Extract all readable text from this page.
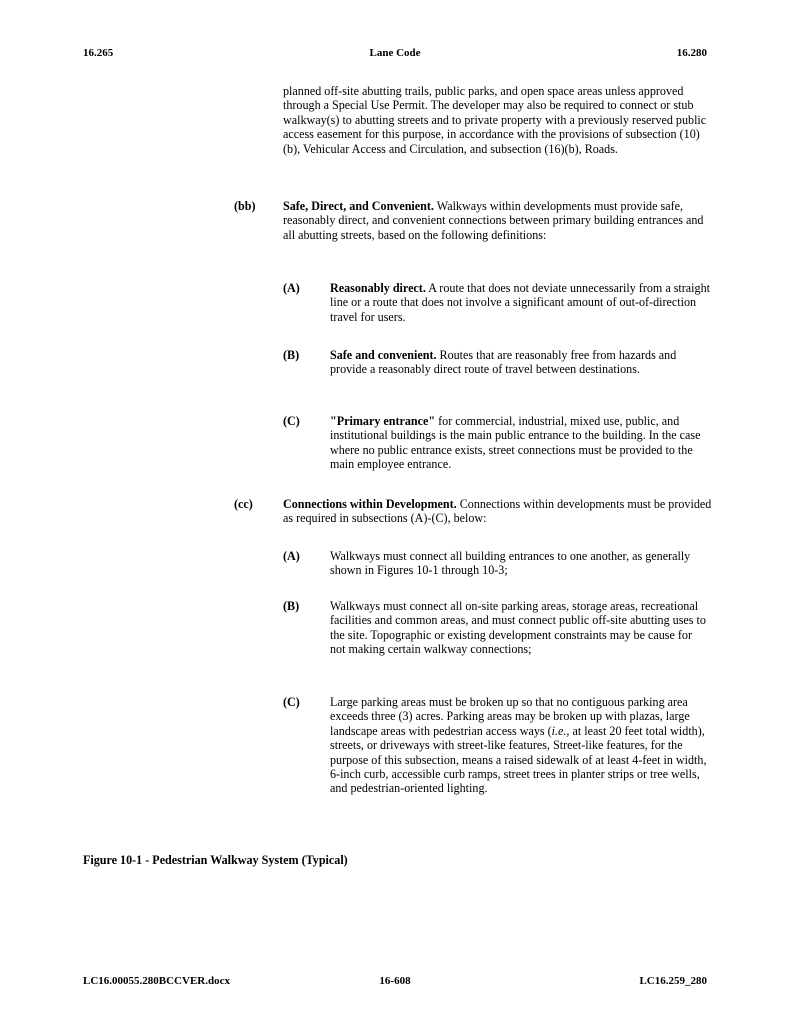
16.265	Lane Code	16.280

planned off-site abutting trails, public parks, and open space areas unless approved through a Special Use Permit. The developer may also be required to connect or stub walkway(s) to abutting streets and to private property with a previously reserved public access easement for this purpose, in accordance with the provisions of subsection (10)(b), Vehicular Access and Circulation, and subsection (16)(b), Roads.

(bb) Safe, Direct, and Convenient. Walkways within developments must provide safe, reasonably direct, and convenient connections between primary building entrances and all abutting streets, based on the following definitions:

(A) Reasonably direct. A route that does not deviate unnecessarily from a straight line or a route that does not involve a significant amount of out-of-direction travel for users.

(B)	Safe and convenient. Routes that are reasonably free from hazards and provide a reasonably direct route of travel between destinations.

(C) "Primary entrance" for commercial, industrial, mixed use, public, and institutional buildings is the main public entrance to the building. In the case where no public entrance exists, street connections must be provided to the main employee entrance.

(cc) Connections within Development. Connections within developments must be provided as required in subsections (A)-(C), below:

(A) Walkways must connect all building entrances to one another, as generally shown in Figures 10-1 through 10-3;

(B)	Walkways must connect all on-site parking areas, storage areas, recreational facilities and common areas, and must connect public off-site abutting uses to the site. Topographic or existing development constraints may be cause for not making certain walkway connections;

(C) Large parking areas must be broken up so that no contiguous parking area exceeds three (3) acres. Parking areas may be broken up with plazas, large landscape areas with pedestrian access ways (i.e., at least 20 feet total width), streets, or driveways with street-like features, Street-like features, for the purpose of this subsection, means a raised sidewalk of at least 4-feet in width, 6-inch curb, accessible curb ramps, street trees in planter strips or tree wells, and pedestrian-oriented lighting.

Figure 10-1 - Pedestrian Walkway System (Typical)
LC16.00055.280BCCVER.docx	16-608	LC16.259_280
